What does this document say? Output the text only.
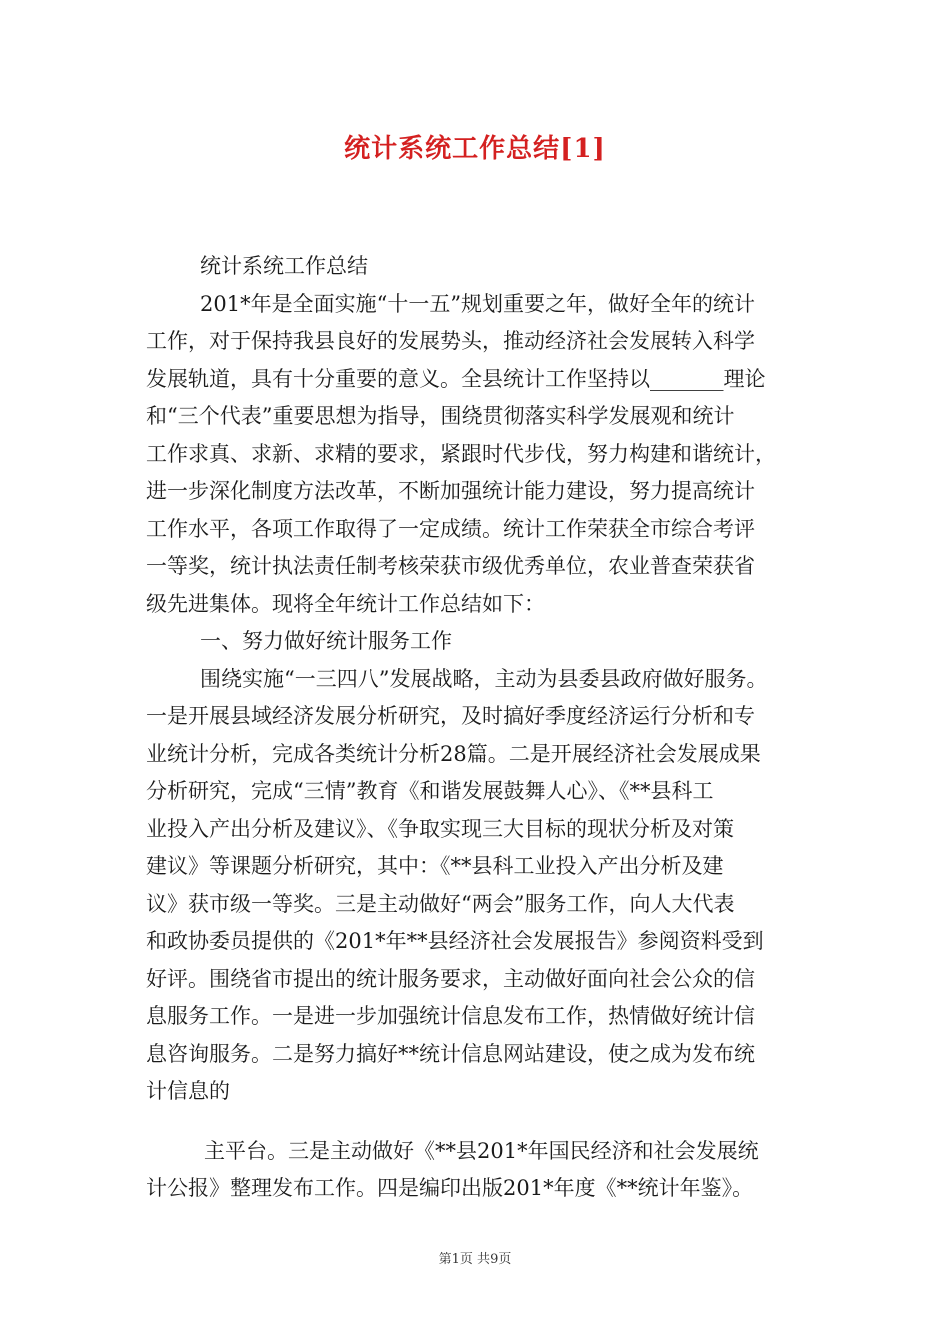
统计系统工作总结[1]
统计系统工作总结
201*年是全面实施“十一五”规划重要之年，做好全年的统计
工作，对于保持我县良好的发展势头，推动经济社会发展转入科学
发展轨道，具有十分重要的意义。全县统计工作坚持以_______理论
和“三个代表”重要思想为指导，围绕贯彻落实科学发展观和统计
工作求真、求新、求精的要求，紧跟时代步伐，努力构建和谐统计，
进一步深化制度方法改革，不断加强统计能力建设，努力提高统计
工作水平，各项工作取得了一定成绩。统计工作荣获全市综合考评
一等奖，统计执法责任制考核荣获市级优秀单位，农业普查荣获省
级先进集体。现将全年统计工作总结如下：
一、努力做好统计服务工作
围绕实施“一三四八”发展战略，主动为县委县政府做好服务。
一是开展县域经济发展分析研究，及时搞好季度经济运行分析和专
业统计分析，完成各类统计分析28篇。二是开展经济社会发展成果
分析研究，完成“三情”教育《和谐发展鼓舞人心》、《**县科工
业投入产出分析及建议》、《争取实现三大目标的现状分析及对策
建议》等课题分析研究，其中：《**县科工业投入产出分析及建
议》获市级一等奖。三是主动做好“两会”服务工作，向人大代表
和政协委员提供的《201*年**县经济社会发展报告》参阅资料受到
好评。围绕省市提出的统计服务要求，主动做好面向社会公众的信
息服务工作。一是进一步加强统计信息发布工作，热情做好统计信
息咨询服务。二是努力搞好**统计信息网站建设，使之成为发布统
计信息的
主平台。三是主动做好《**县201*年国民经济和社会发展统
计公报》整理发布工作。四是编印出版201*年度《**统计年鉴》。
第1页 共9页
